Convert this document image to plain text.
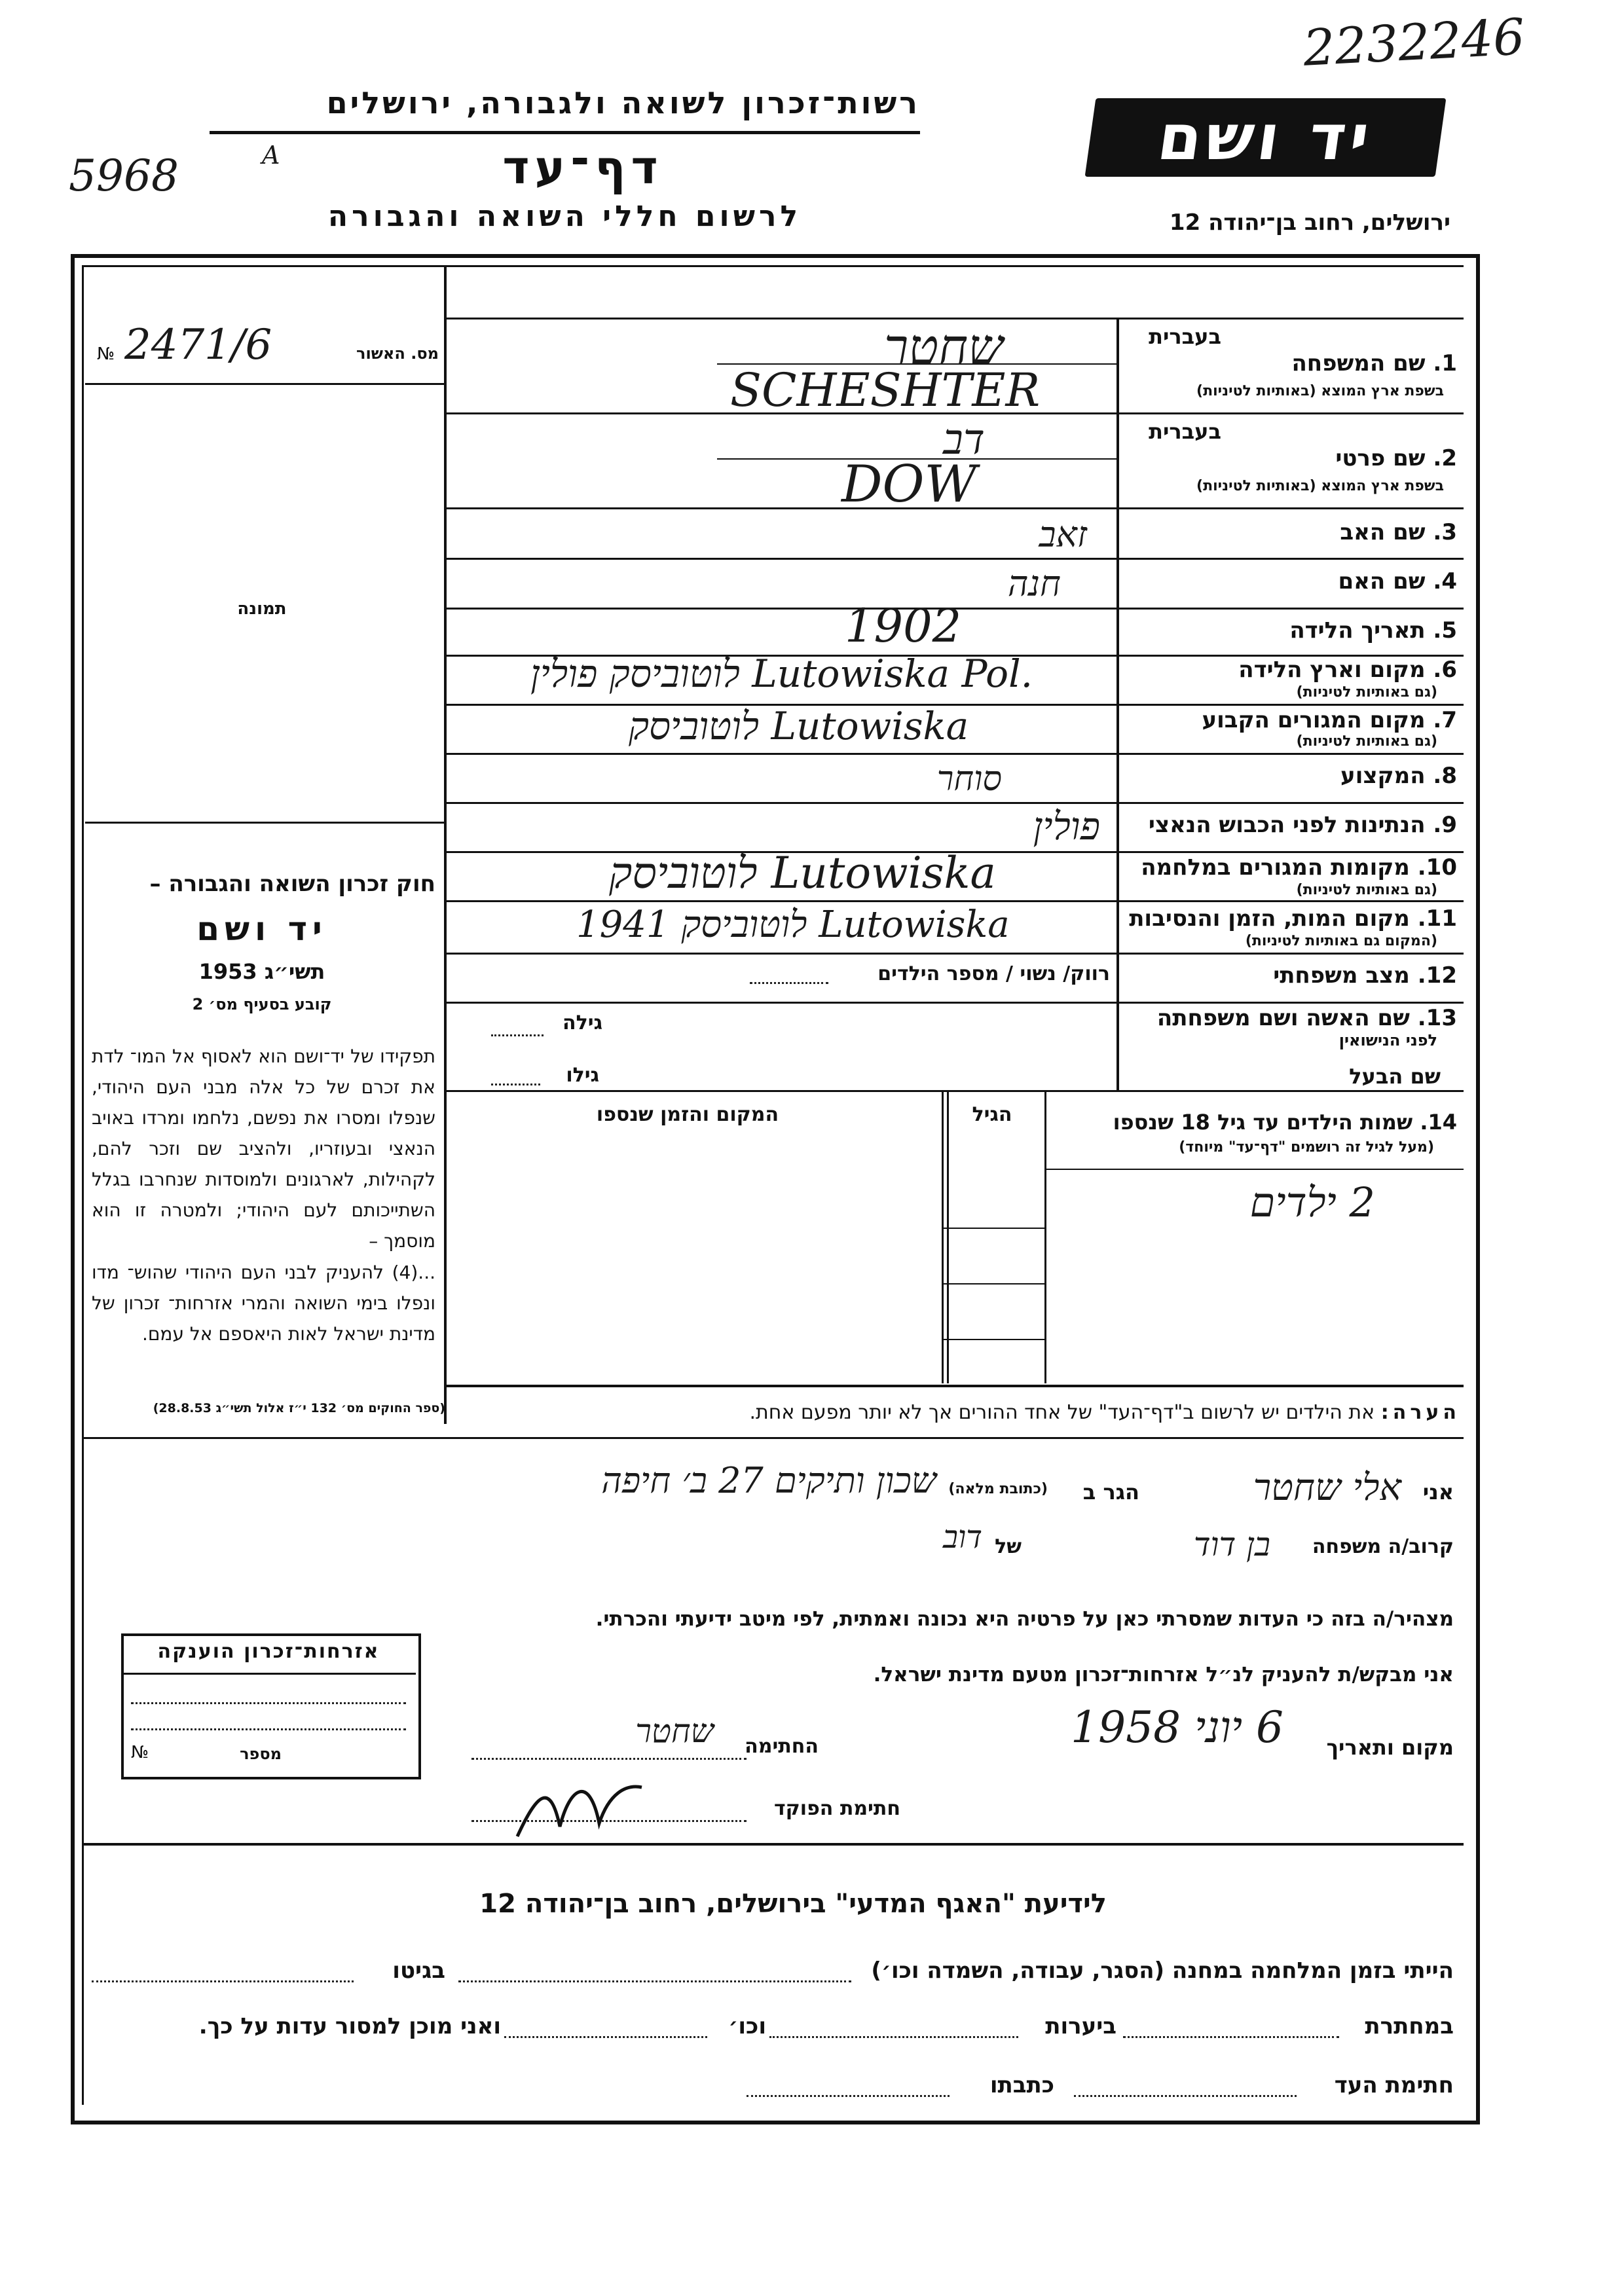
2232246
5968	A
רשות־זכרון לשואה ולגבורה, ירושלים
דף־עד
לרשום חללי השואה והגבורה
יד ושם
ירושלים, רחוב בן־יהודה 12
מס. האשור
№ 2471/6
תמונה
חוק זכרון השואה והגבורה –
יד ושם
תשי״ג 1953
קובע בסעיף מס׳ 2
תפקידו של יד־ושם הוא לאסוף אל המו־ לדת את זכרם של כל אלה מבני העם היהודי, שנפלו ומסרו את נפשם, נלחמו ומרדו באויב הנאצי ובעוזריו, ולהציב שם וזכר להם, לקהילות, לארגונים ולמוסדות שנחרבו בגלל השתייכותם לעם היהודי; ולמטרה זו הוא מוסמך –
...(4) להעניק לבני העם היהודי שהוש־ מדו ונפלו בימי השואה והמרי אזרחות־ זכרון של מדינת ישראל לאות היאספם אל עמם.
(ספר החוקים מס׳ 132 י״ז אלול תשי״ג 28.8.53)
בעברית
1. שם המשפחה
בשפת ארץ המוצא (באותיות לטיניות)
שחטר
SCHESHTER
בעברית
2. שם פרטי
בשפת ארץ המוצא (באותיות לטיניות)
דב
DOW
3. שם האב
זאב
4. שם האם
חנה
5. תאריך הלידה
1902
6. מקום וארץ הלידה
(גם באותיות לטיניות)
לוטוביסק פולין Lutowiska Pol.
7. מקום המגורים הקבוע
(גם באותיות לטיניות)
לוטוביסק Lutowiska
8. המקצוע
סוחר
9. הנתינות לפני הכבוש הנאצי
פולין
10. מקומות המגורים במלחמה
(גם באותיות לטיניות)
לוטוביסק Lutowiska
11. מקום המות, הזמן והנסיבות
(המקום גם באותיות לטיניות)
לוטוביסק 1941 Lutowiska
12. מצב משפחתי
רווק/ נשוי / מספר הילדים
13. שם האשה ושם משפחתה
לפני הנישואין
גילה
שם הבעל
גילו
14. שמות הילדים עד גיל 18 שנספו
(מעל לגיל זה רושמים "דף־עד" מיוחד)
הגיל
המקום והזמן שנספו
2 ילדים
הערה: את הילדים יש לרשום ב"דף־העד" של אחד ההורים אך לא יותר מפעם אחת.
אני
אלי שחטר
הגר ב
(כתובת מלאה)
שכון ותיקים 27 ב׳ חיפה
קרוב/ה משפחה
בן דוד
של
דוב
מצהיר/ה בזה כי העדות שמסרתי כאן על פרטיה היא נכונה ואמתית, לפי מיטב ידיעתי והכרתי.
אני מבקש/ת להעניק לנ״ל אזרחות־זכרון מטעם מדינת ישראל.
מקום ותאריך
6 יוני 1958
החתימה
שחטר
חתימת הפוקד
אזרחות־זכרון הוענקה
מספר
№
לידיעת "האגף המדעי" בירושלים, רחוב בן־יהודה 12
הייתי בזמן המלחמה במחנה (הסגר, עבודה, השמדה וכו׳)
בגיטו
במחתרת
ביערות
וכו׳
ואני מוכן למסור עדות על כך.
חתימת העד
כתבתו
